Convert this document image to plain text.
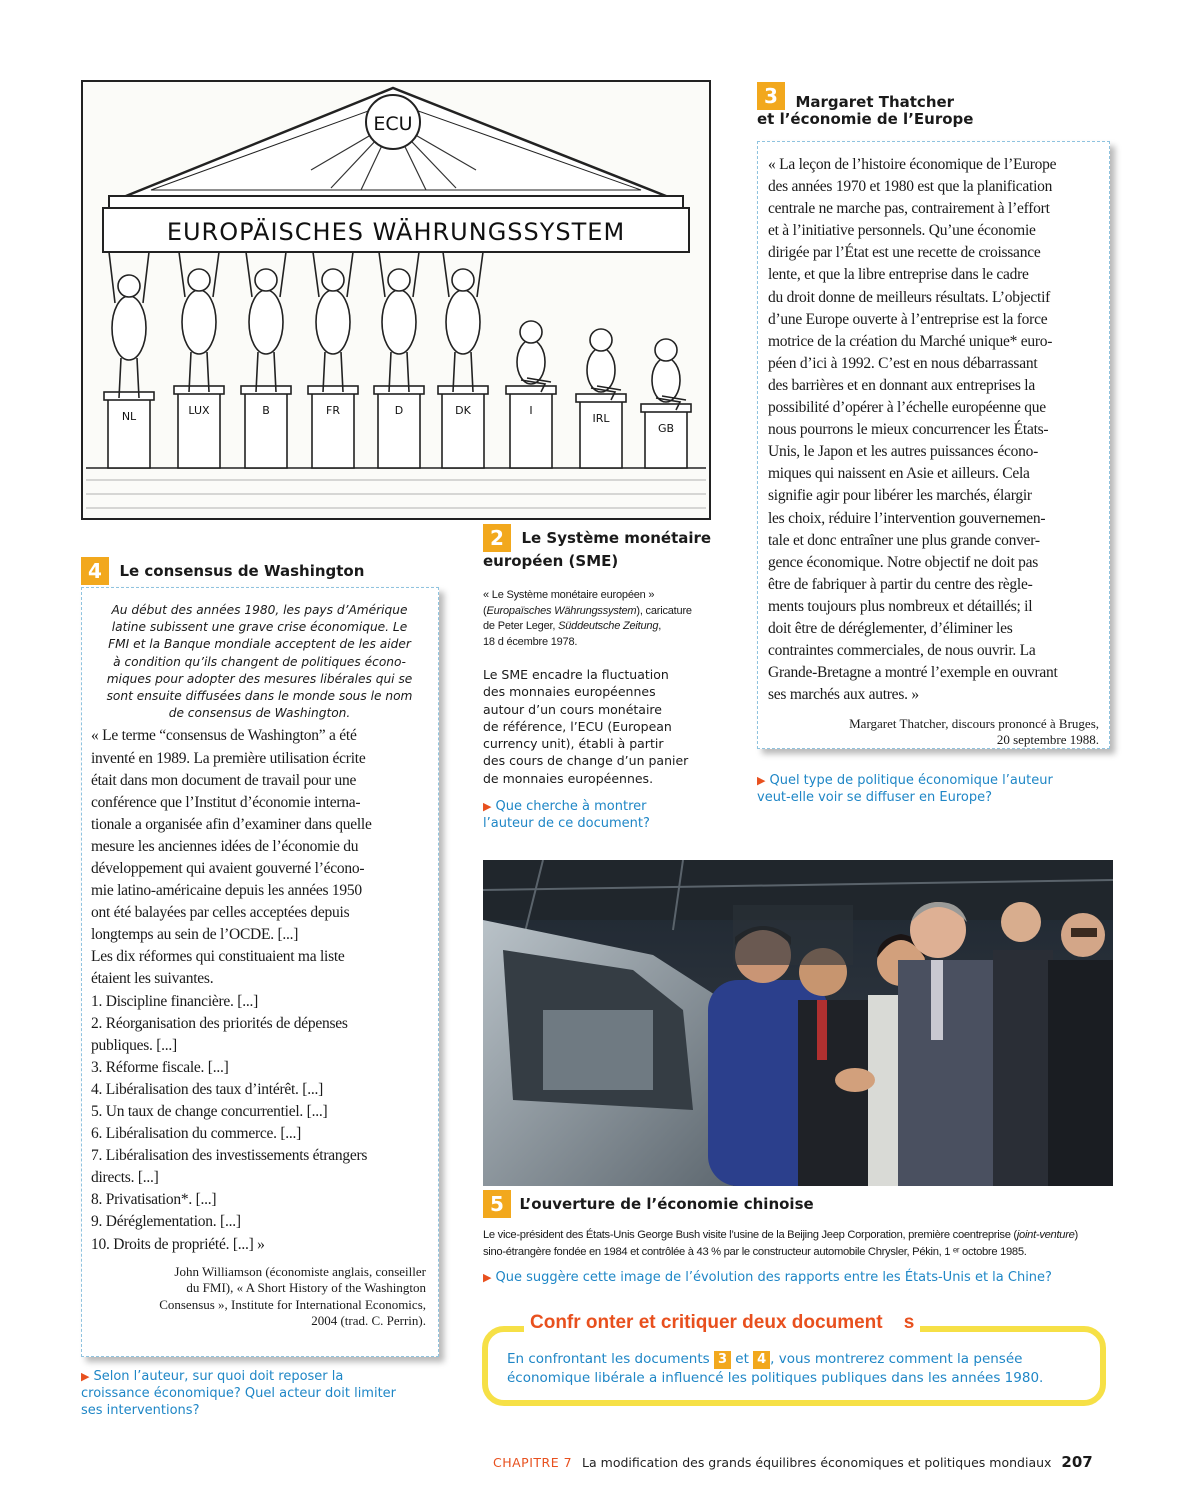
ECU
EUROPÄISCHES WÄHRUNGSSYSTEM
NL	LUX	B	FR	D	DK	I
IRL
GB
2 Le Système monétaire
européen (SME)
« Le Système monétaire européen »
(Europaïsches Währungssystem), caricature
de Peter Leger, Süddeutsche Zeitung,
18 d écembre 1978.
Le SME encadre la fluctuation
des monnaies européennes
autour d’un cours monétaire
de référence, l’ECU (European
currency unit), établi à partir
des cours de change d’un panier
de monnaies européennes.
▶ Que cherche à montrer l’auteur de ce document?
3 Margaret Thatcher
et l’économie de l’Europe
« La leçon de l’histoire économique de l’Europe
des années 1970 et 1980 est que la planification
centrale ne marche pas, contrairement à l’effort
et à l’initiative personnels. Qu’une économie
dirigée par l’État est une recette de croissance
lente, et que la libre entreprise dans le cadre
du droit donne de meilleurs résultats. L’objectif
d’une Europe ouverte à l’entreprise est la force
motrice de la création du Marché unique* euro-
péen d’ici à 1992. C’est en nous débarrassant
des barrières et en donnant aux entreprises la
possibilité d’opérer à l’échelle européenne que
nous pourrons le mieux concurrencer les États-
Unis, le Japon et les autres puissances écono-
miques qui naissent en Asie et ailleurs. Cela
signifie agir pour libérer les marchés, élargir
les choix, réduire l’intervention gouvernemen-
tale et donc entraîner une plus grande conver-
gence économique. Notre objectif ne doit pas
être de fabriquer à partir du centre des règle-
ments toujours plus nombreux et détaillés; il
doit être de déréglementer, d’éliminer les
contraintes commerciales, de nous ouvrir. La
Grande-Bretagne a montré l’exemple en ouvrant
ses marchés aux autres. »
Margaret Thatcher, discours prononcé à Bruges,
20 septembre 1988.
▶ Quel type de politique économique l’auteur
veut-elle voir se diffuser en Europe?
4 Le consensus de Washington
Au début des années 1980, les pays d’Amérique
latine subissent une grave crise économique. Le
FMI et la Banque mondiale acceptent de les aider
à condition qu’ils changent de politiques écono-
miques pour adopter des mesures libérales qui se
sont ensuite diffusées dans le monde sous le nom
de consensus de Washington.
« Le terme “consensus de Washington” a été
inventé en 1989. La première utilisation écrite
était dans mon document de travail pour une
conférence que l’Institut d’économie interna-
tionale a organisée afin d’examiner dans quelle
mesure les anciennes idées de l’économie du
développement qui avaient gouverné l’écono-
mie latino-américaine depuis les années 1950
ont été balayées par celles acceptées depuis
longtemps au sein de l’OCDE. [...]
Les dix réformes qui constituaient ma liste
étaient les suivantes.
1. Discipline financière. [...]
2. Réorganisation des priorités de dépenses
publiques. [...]
3. Réforme fiscale. [...]
4. Libéralisation des taux d’intérêt. [...]
5. Un taux de change concurrentiel. [...]
6. Libéralisation du commerce. [...]
7. Libéralisation des investissements étrangers
directs. [...]
8. Privatisation*. [...]
9. Déréglementation. [...]
10. Droits de propriété. [...] »
John Williamson (économiste anglais, conseiller
du FMI), « A Short History of the Washington
Consensus », Institute for International Economics,
2004 (trad. C. Perrin).
▶ Selon l’auteur, sur quoi doit reposer la
croissance économique? Quel acteur doit limiter
ses interventions?
5 L’ouverture de l’économie chinoise
Le vice-président des États-Unis George Bush visite l’usine de la Beijing Jeep Corporation, première coentreprise (joint-venture)
sino-étrangère fondée en 1984 et contrôlée à 43 % par le constructeur automobile Chrysler, Pékin, 1 ᵉʳ octobre 1985.
▶ Que suggère cette image de l’évolution des rapports entre les États-Unis et la Chine?
Confr onter et critiquer deux document    s
En confrontant les documents 3 et 4 , vous montrerez comment la pensée
économique libérale a influencé les politiques publiques dans les années 1980.
CHAPITRE 7 La modification des grands équilibres économiques et politiques mondiaux 207
